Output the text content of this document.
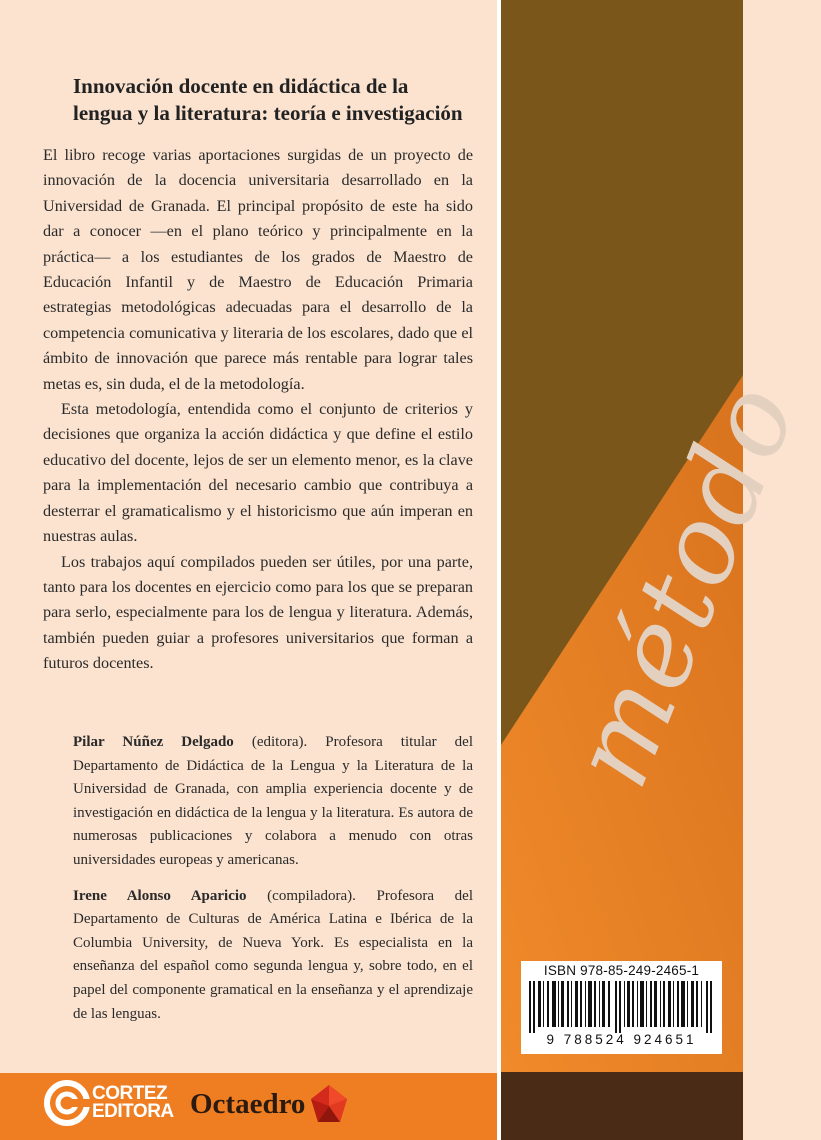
método
Innovación docente en didáctica de la
lengua y la literatura: teoría e investigación

El libro recoge varias aportaciones surgidas de un proyecto de innovación de la docencia universitaria desarrollado en la Universidad de Granada. El principal propósito de este ha sido dar a conocer —en el plano teórico y principalmente en la práctica— a los estudiantes de los grados de Maestro de Educación Infantil y de Maestro de Educación Primaria estrategias metodológicas adecuadas para el desarrollo de la competencia comunicativa y literaria de los escolares, dado que el ámbito de innovación que parece más rentable para lograr tales metas es, sin duda, el de la metodología.

Esta metodología, entendida como el conjunto de criterios y decisiones que organiza la acción didáctica y que define el estilo educativo del docente, lejos de ser un elemento menor, es la clave para la implementación del necesario cambio que contribuya a desterrar el gramaticalismo y el historicismo que aún imperan en nuestras aulas.

Los trabajos aquí compilados pueden ser útiles, por una parte, tanto para los docentes en ejercicio como para los que se preparan para serlo, especialmente para los de lengua y literatura. Además, también pueden guiar a profesores universitarios que forman a futuros docentes.

Pilar Núñez Delgado (editora). Profesora titular del Departamento de Didáctica de la Lengua y la Literatura de la Universidad de Granada, con amplia experiencia docente y de investigación en didáctica de la lengua y la literatura. Es autora de numerosas publicaciones y colabora a menudo con otras universidades europeas y americanas.

Irene Alonso Aparicio (compiladora). Profesora del Departamento de Culturas de América Latina e Ibérica de la Columbia University, de Nueva York. Es especialista en la enseñanza del español como segunda lengua y, sobre todo, en el papel del componente gramatical en la enseñanza y el aprendizaje de las lenguas.

CORTEZ
EDITORA Octaedro
ISBN 978-85-249-2465-1
9 788524 924651
